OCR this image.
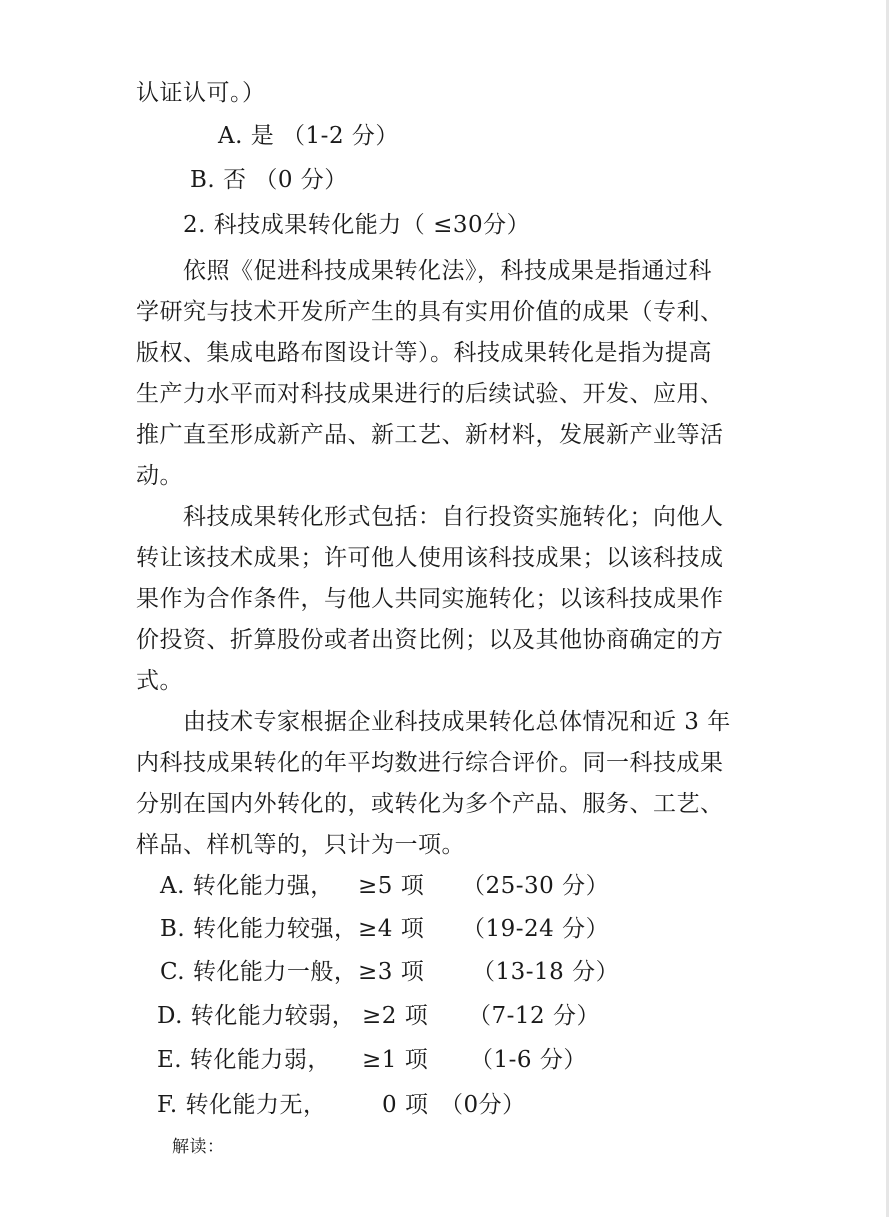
认证认可。）
A. 是 （1-2 分）
B. 否 （0 分）
2. 科技成果转化能力（ ≤30分）
依照《促进科技成果转化法》，科技成果是指通过科
学研究与技术开发所产生的具有实用价值的成果（专利、
版权、集成电路布图设计等）。科技成果转化是指为提高
生产力水平而对科技成果进行的后续试验、开发、应用、
推广直至形成新产品、新工艺、新材料，发展新产业等活
动。
科技成果转化形式包括：自行投资实施转化；向他人
转让该技术成果；许可他人使用该科技成果；以该科技成
果作为合作条件，与他人共同实施转化；以该科技成果作
价投资、折算股份或者出资比例；以及其他协商确定的方
式。
由技术专家根据企业科技成果转化总体情况和近 3 年
内科技成果转化的年平均数进行综合评价。同一科技成果
分别在国内外转化的，或转化为多个产品、服务、工艺、
样品、样机等的，只计为一项。
A. 转化能力强， ≥5 项 （25-30 分）
B. 转化能力较强， ≥4 项 （19-24 分）
C. 转化能力一般， ≥3 项 （13-18 分）
D. 转化能力较弱， ≥2 项 （7-12 分）
E. 转化能力弱， ≥1 项 （1-6 分）
F. 转化能力无， 0 项 （0分）
解读：
